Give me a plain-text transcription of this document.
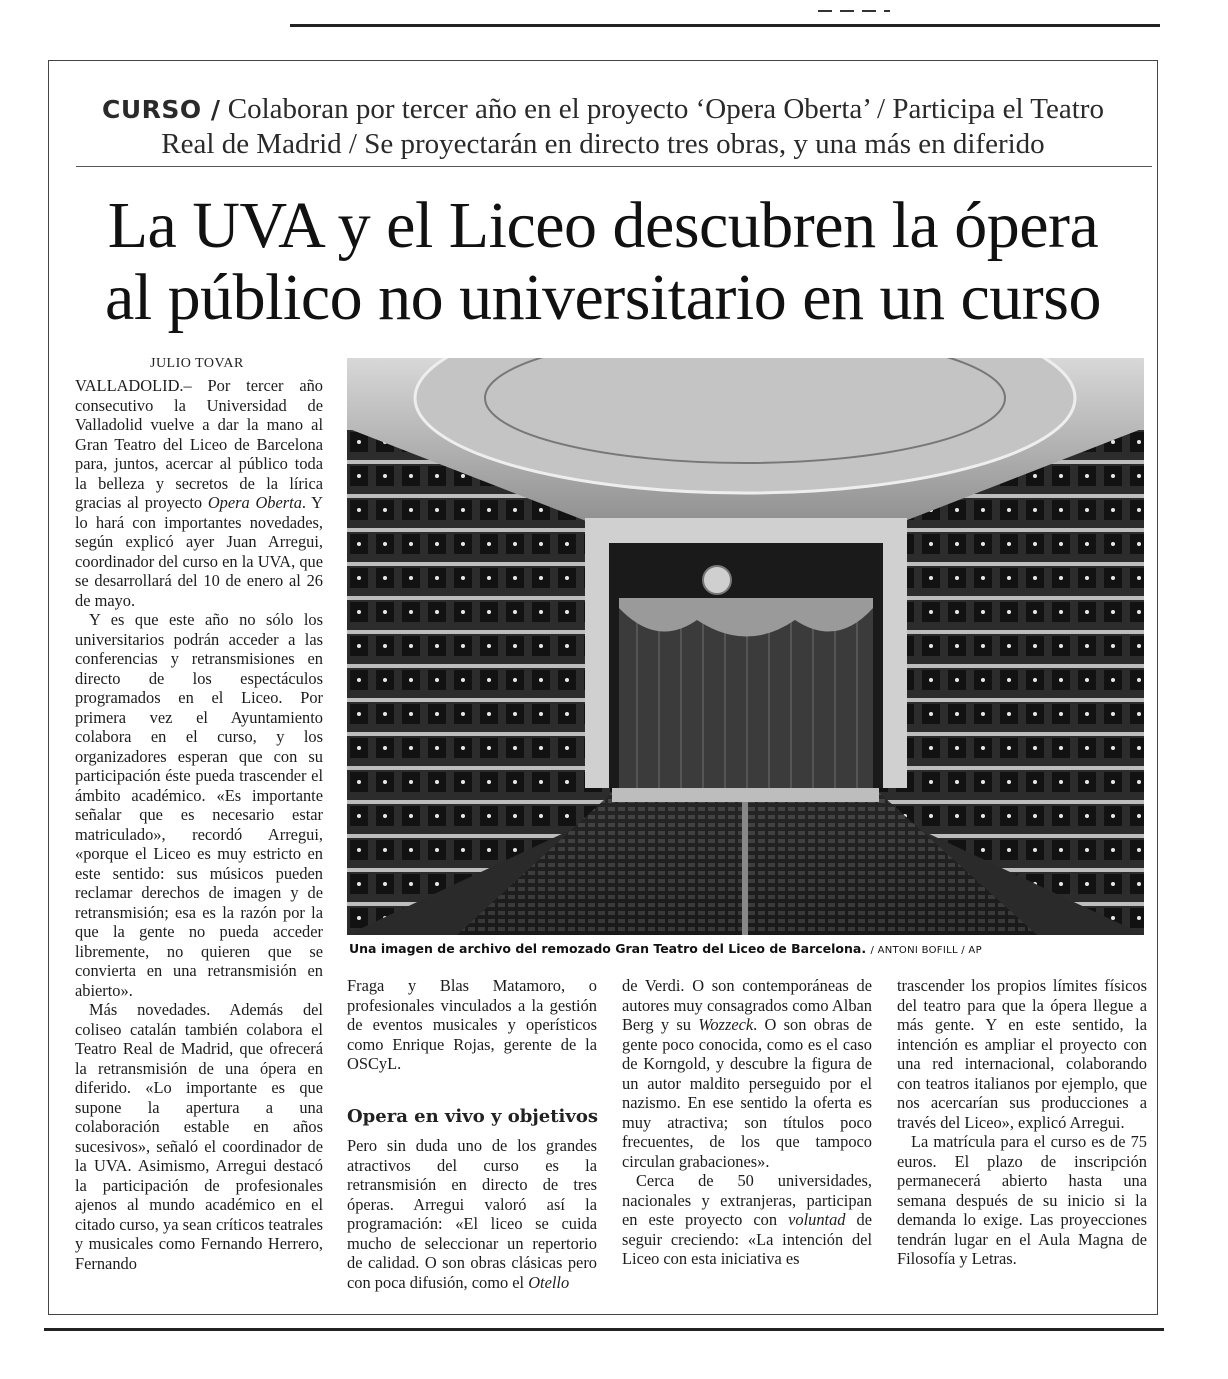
CURSO / Colaboran por tercer año en el proyecto ‘Opera Oberta’ / Participa el Teatro
Real de Madrid / Se proyectarán en directo tres obras, y una más en diferido
La UVA y el Liceo descubren la ópera
al público no universitario en un curso
JULIO TOVAR

VALLADOLID.– Por tercer año consecutivo la Universidad de Valladolid vuelve a dar la mano al Gran Teatro del Liceo de Barcelona para, juntos, acercar al público toda la belleza y secretos de la lírica gracias al proyecto Opera Oberta. Y lo hará con importantes novedades, según explicó ayer Juan Arregui, coordinador del curso en la UVA, que se desarrollará del 10 de enero al 26 de mayo.

Y es que este año no sólo los universitarios podrán acceder a las conferencias y retransmisiones en directo de los espectáculos programados en el Liceo. Por primera vez el Ayuntamiento colabora en el curso, y los organizadores esperan que con su participación éste pueda trascender el ámbito académico. «Es importante señalar que es necesario estar matriculado», recordó Arregui, «porque el Liceo es muy estricto en este sentido: sus músicos pueden reclamar derechos de imagen y de retransmisión; esa es la razón por la que la gente no pueda acceder libremente, no quieren que se convierta en una retransmisión en abierto».

Más novedades. Además del coliseo catalán también colabora el Teatro Real de Madrid, que ofrecerá la retransmisión de una ópera en diferido. «Lo importante es que supone la apertura a una colaboración estable en años sucesivos», señaló el coordinador de la UVA. Asimismo, Arregui destacó la participación de profesionales ajenos al mundo académico en el citado curso, ya sean críticos teatrales y musicales como Fernando Herrero, Fernando

Una imagen de archivo del remozado Gran Teatro del Liceo de Barcelona. / ANTONI BOFILL / AP

Fraga y Blas Matamoro, o profesionales vinculados a la gestión de eventos musicales y operísticos como Enrique Rojas, gerente de la OSCyL.

Opera en vivo y objetivos

Pero sin duda uno de los grandes atractivos del curso es la retransmisión en directo de tres óperas. Arregui valoró así la programación: «El liceo se cuida mucho de seleccionar un repertorio de calidad. O son obras clásicas pero con poca difusión, como el Otello

de Verdi. O son contemporáneas de autores muy consagrados como Alban Berg y su Wozzeck. O son obras de gente poco conocida, como es el caso de Korngold, y descubre la figura de un autor maldito perseguido por el nazismo. En ese sentido la oferta es muy atractiva; son títulos poco frecuentes, de los que tampoco circulan grabaciones».

Cerca de 50 universidades, nacionales y extranjeras, participan en este proyecto con voluntad de seguir creciendo: «La intención del Liceo con esta iniciativa es

trascender los propios límites físicos del teatro para que la ópera llegue a más gente. Y en este sentido, la intención es ampliar el proyecto con una red internacional, colaborando con teatros italianos por ejemplo, que nos acercarían sus producciones a través del Liceo», explicó Arregui.

La matrícula para el curso es de 75 euros. El plazo de inscripción permanecerá abierto hasta una semana después de su inicio si la demanda lo exige. Las proyecciones tendrán lugar en el Aula Magna de Filosofía y Letras.
